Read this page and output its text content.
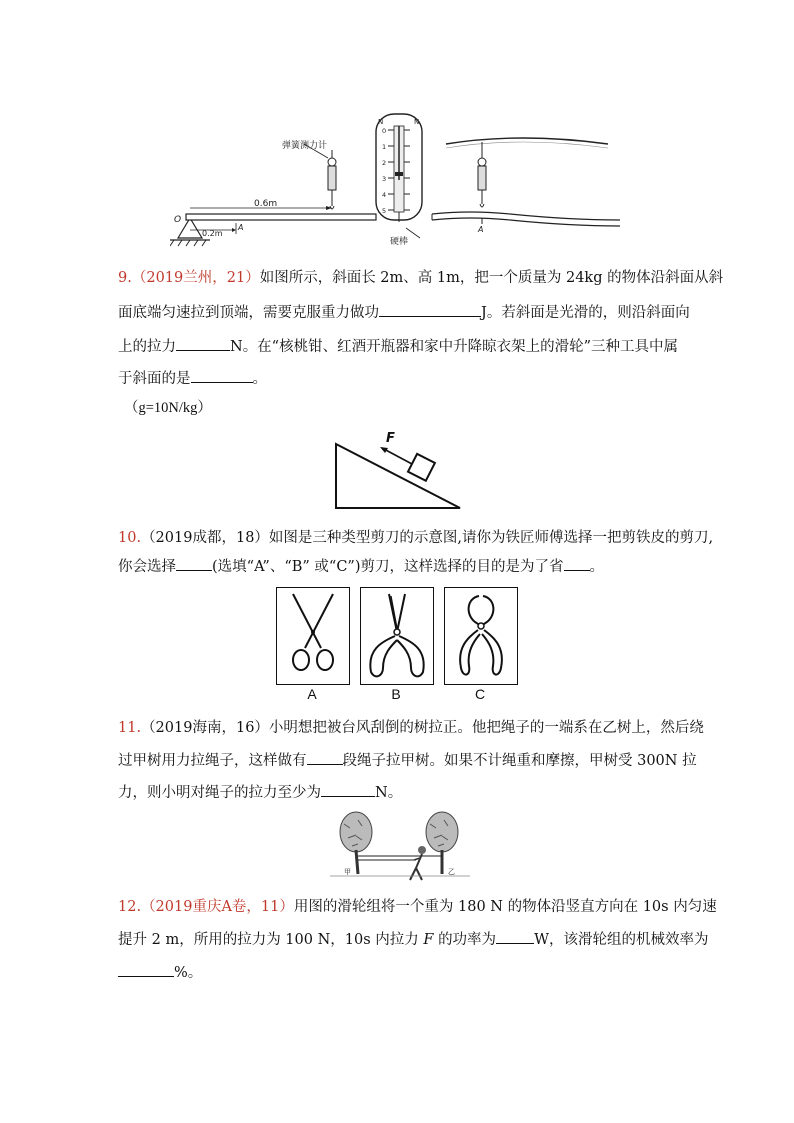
弹簧测力计
0.6m
0.2m
O
A
N	N
0
1
2
3
4
5
A
硬棒
9.（2019兰州，21）如图所示，斜面长 2m、高 1m，把一个质量为 24kg 的物体沿斜面从斜
面底端匀速拉到顶端，需要克服重力做功	J。若斜面是光滑的，则沿斜面向
上的拉力	N。在“核桃钳、红酒开瓶器和家中升降晾衣架上的滑轮”三种工具中属
于斜面的是	。
（g=10N/kg）
F
10.（2019成都，18）如图是三种类型剪刀的示意图,请你为铁匠师傅选择一把剪铁皮的剪刀,
你会选择 (选填“A”、“B” 或“C”)剪刀，这样选择的目的是为了省 。
A	B	C
11.（2019海南，16）小明想把被台风刮倒的树拉正。他把绳子的一端系在乙树上，然后绕
过甲树用力拉绳子，这样做有 段绳子拉甲树。如果不计绳重和摩擦，甲树受 300N 拉
力，则小明对绳子的拉力至少为	N。
甲	乙
12.（2019重庆A卷，11）用图的滑轮组将一个重为 180 N 的物体沿竖直方向在 10s 内匀速
提升 2 m，所用的拉力为 100 N，10s 内拉力 F 的功率为	W，该滑轮组的机械效率为
%。
